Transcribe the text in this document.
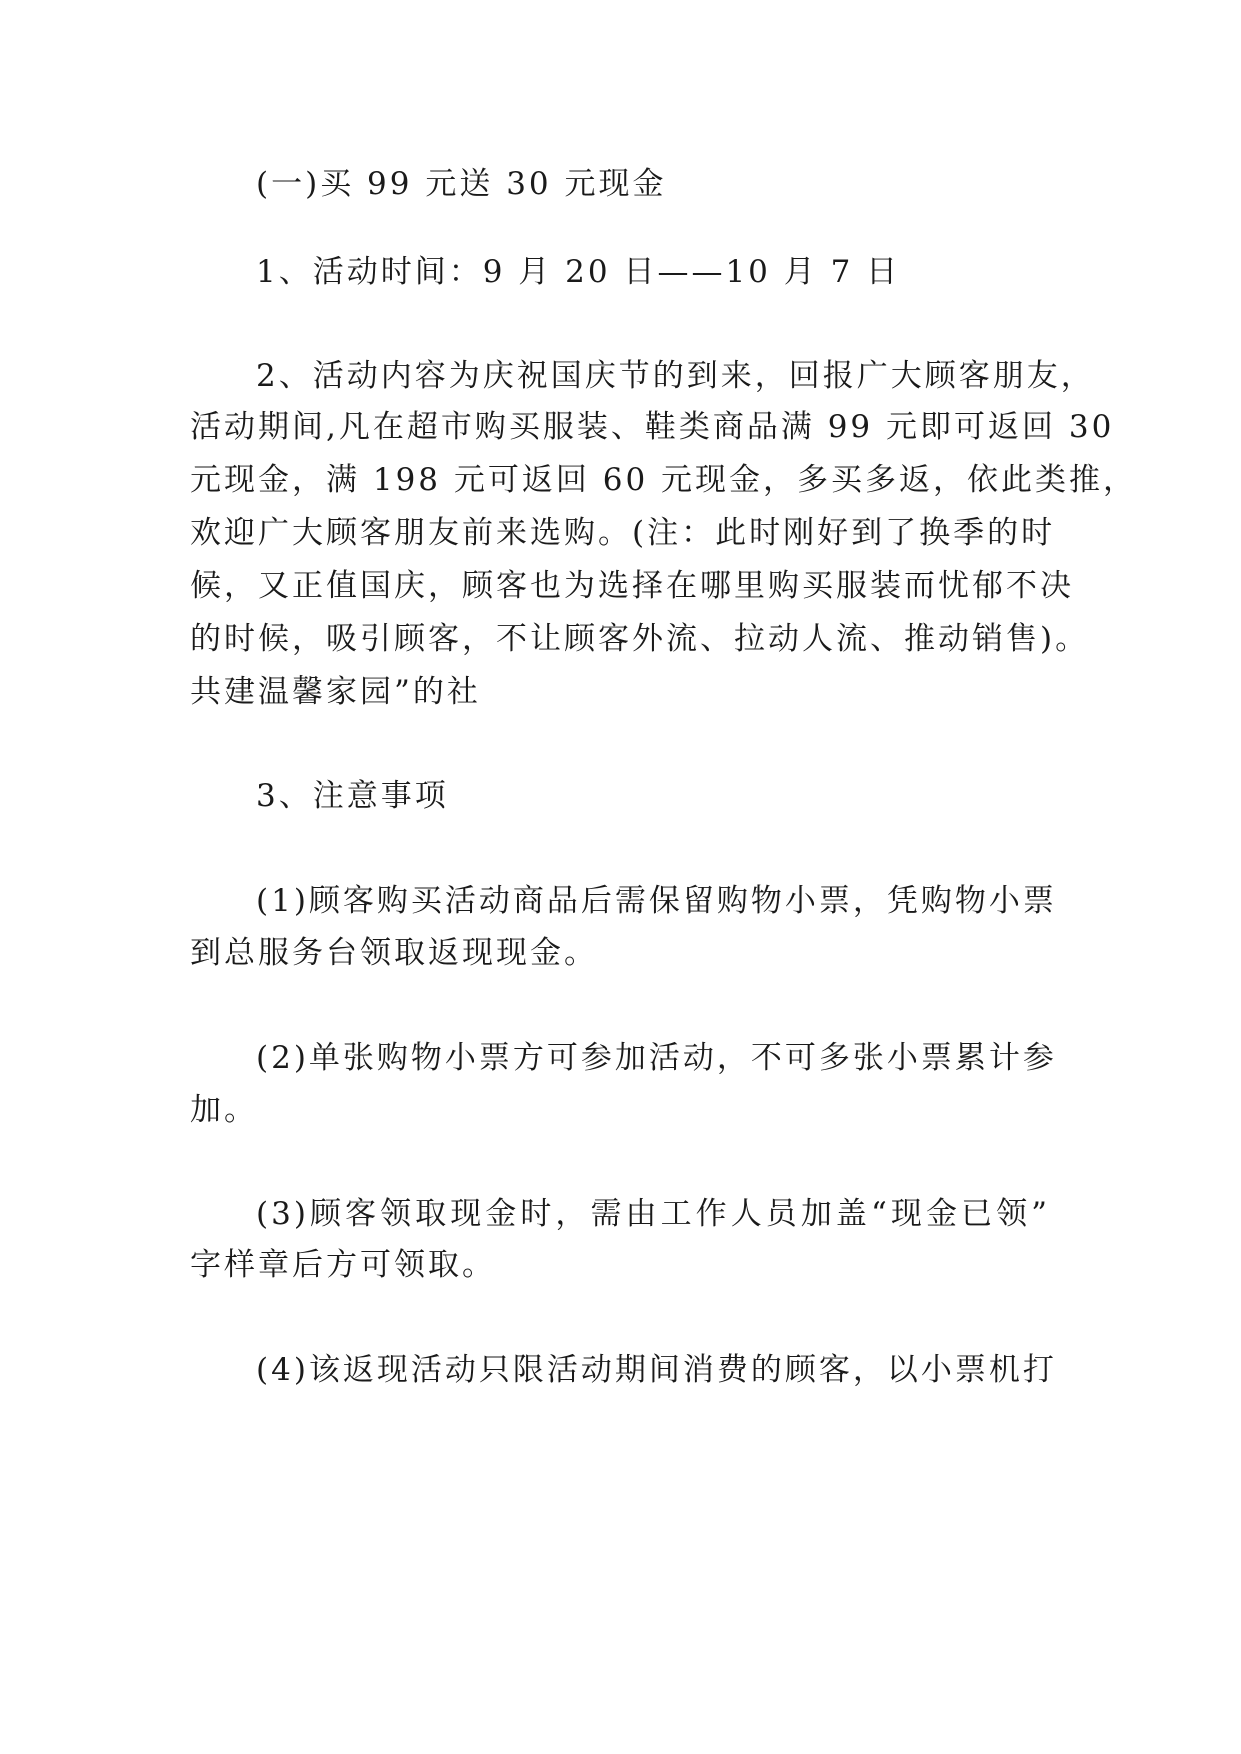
(一)买 99 元送 30 元现金
1、活动时间：9 月 20 日——10 月 7 日
2、活动内容为庆祝国庆节的到来，回报广大顾客朋友，
活动期间,凡在超市购买服装、鞋类商品满 99 元即可返回 30
元现金，满 198 元可返回 60 元现金，多买多返，依此类推，
欢迎广大顾客朋友前来选购。(注：此时刚好到了换季的时
候，又正值国庆，顾客也为选择在哪里购买服装而忧郁不决
的时候，吸引顾客，不让顾客外流、拉动人流、推动销售)。
共建温馨家园”的社
3、注意事项
(1)顾客购买活动商品后需保留购物小票，凭购物小票
到总服务台领取返现现金。
(2)单张购物小票方可参加活动，不可多张小票累计参
加。
(3)顾客领取现金时，需由工作人员加盖“现金已领”
字样章后方可领取。
(4)该返现活动只限活动期间消费的顾客，以小票机打
